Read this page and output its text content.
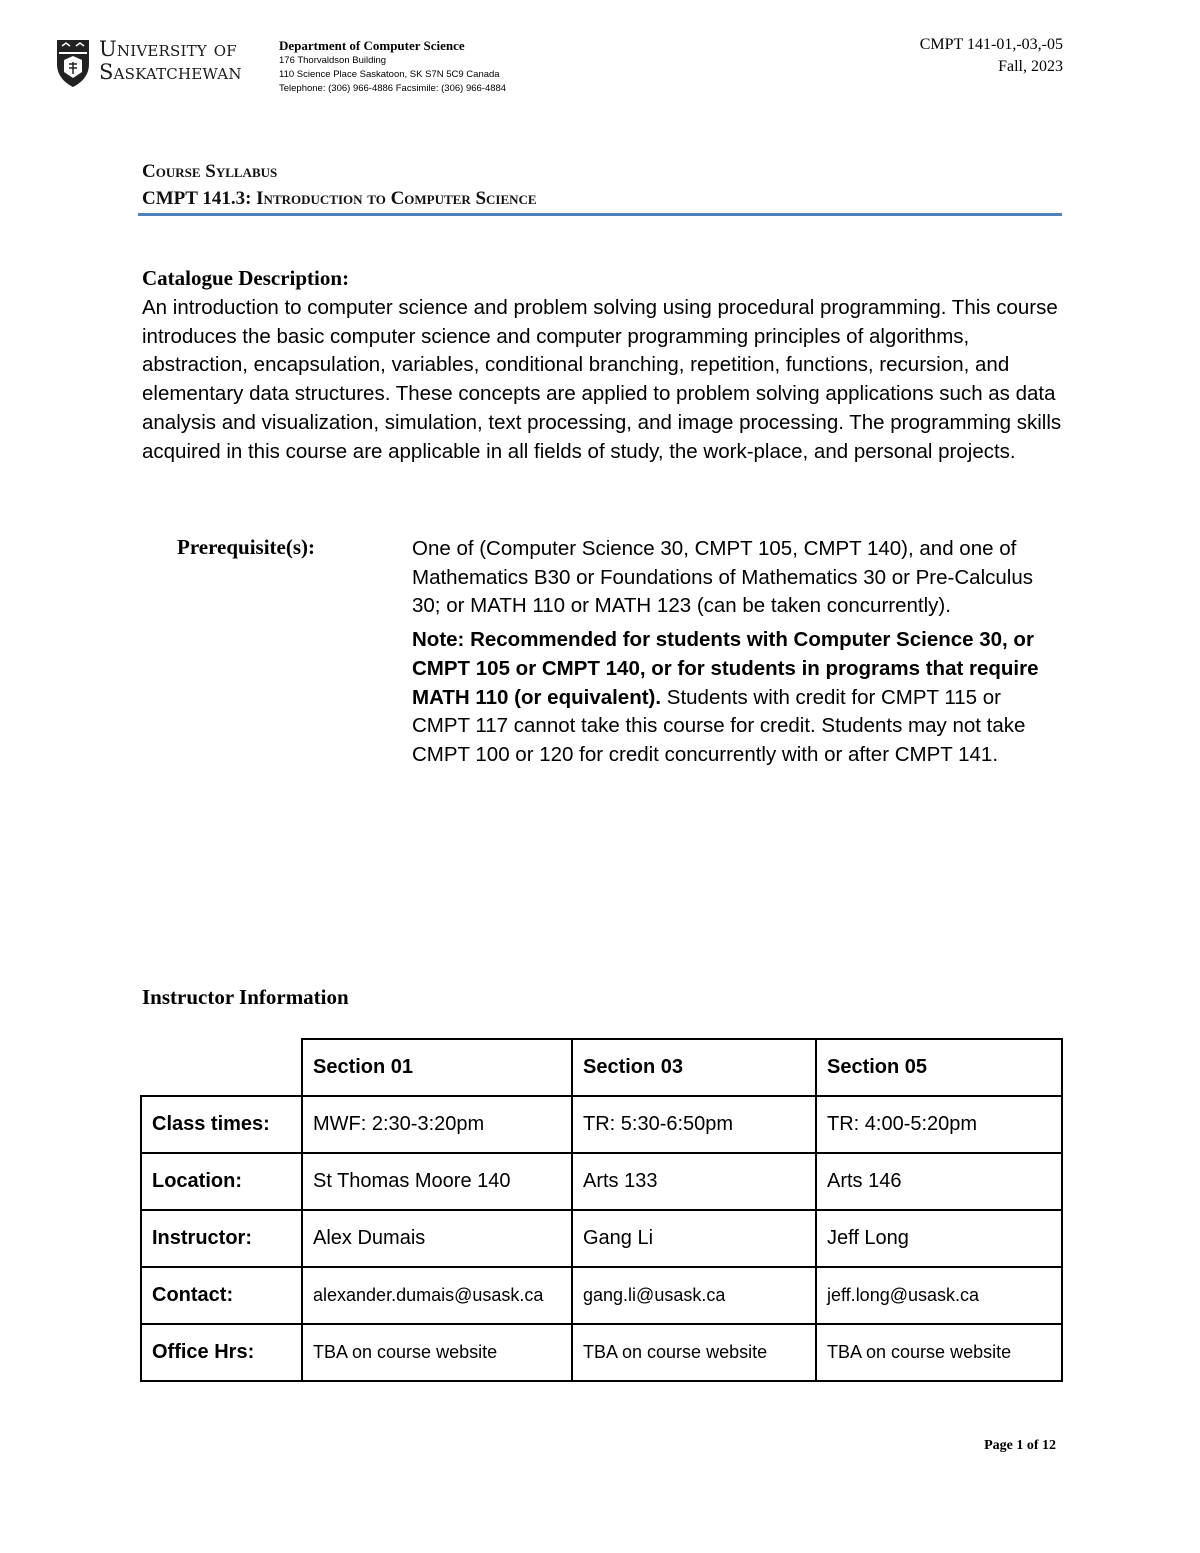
University of
Saskatchewan
Department of Computer Science
176 Thorvaldson Building
110 Science Place Saskatoon, SK S7N 5C9 Canada
Telephone: (306) 966-4886 Facsimile: (306) 966-4884
CMPT 141-01,-03,-05
Fall, 2023
Course Syllabus
CMPT 141.3: Introduction to Computer Science
Catalogue Description:
An introduction to computer science and problem solving using procedural programming. This course introduces the basic computer science and computer programming principles of algorithms, abstraction, encapsulation, variables, conditional branching, repetition, functions, recursion, and elementary data structures. These concepts are applied to problem solving applications such as data analysis and visualization, simulation, text processing, and image processing. The programming skills acquired in this course are applicable in all fields of study, the work-place, and personal projects.
Prerequisite(s):	One of (Computer Science 30, CMPT 105, CMPT 140), and one of Mathematics B30 or Foundations of Mathematics 30 or Pre-Calculus 30; or MATH 110 or MATH 123 (can be taken concurrently).

Note: Recommended for students with Computer Science 30, or CMPT 105 or CMPT 140, or for students in programs that require MATH 110 (or equivalent). Students with credit for CMPT 115 or CMPT 117 cannot take this course for credit. Students may not take CMPT 100 or 120 for credit concurrently with or after CMPT 141.

Instructor Information
	Section 01	Section 03	Section 05
Class times:	MWF: 2:30-3:20pm	TR: 5:30-6:50pm	TR: 4:00-5:20pm
Location:	St Thomas Moore 140	Arts 133	Arts 146
Instructor:	Alex Dumais	Gang Li	Jeff Long
Contact:	alexander.dumais@usask.ca	gang.li@usask.ca	jeff.long@usask.ca
Office Hrs:	TBA on course website	TBA on course website	TBA on course website
Page 1 of 12
